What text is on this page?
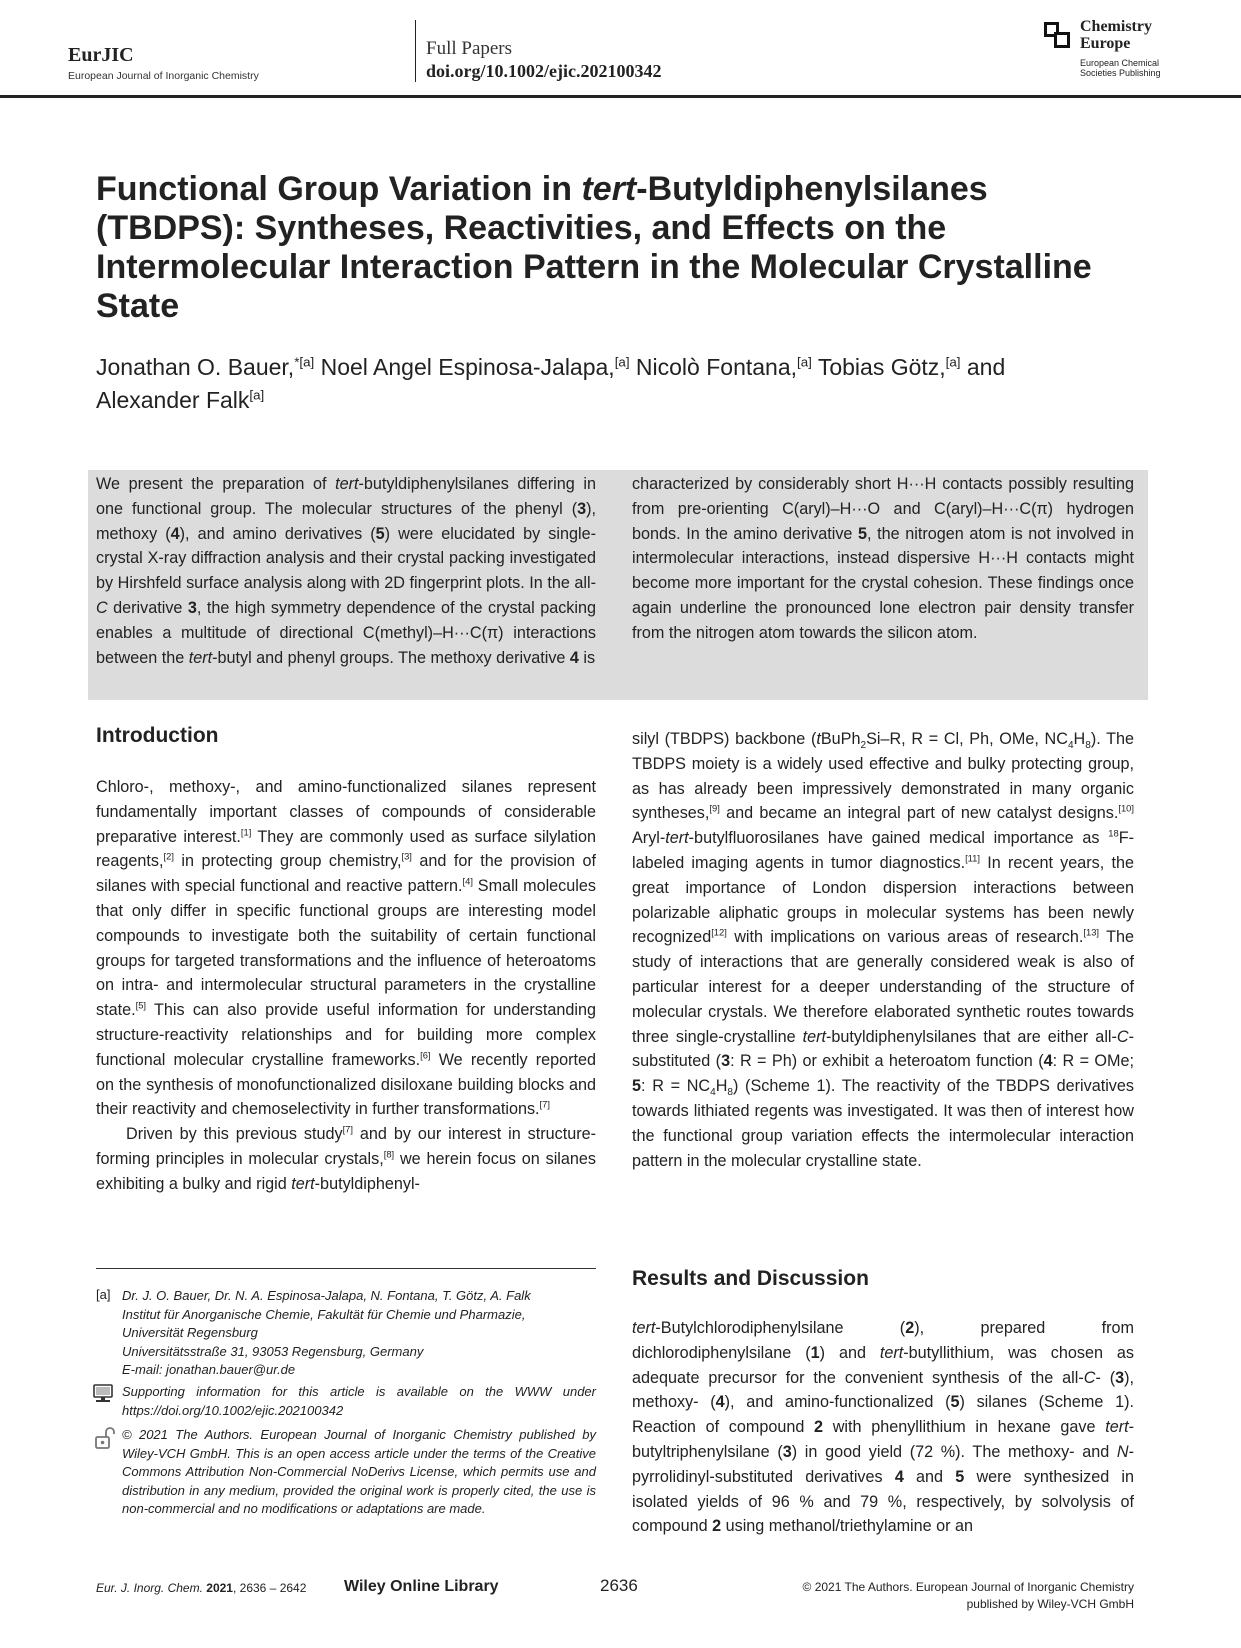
EurJIC
European Journal of Inorganic Chemistry
Full Papers
doi.org/10.1002/ejic.202100342
Chemistry
Europe
European Chemical
Societies Publishing
Functional Group Variation in tert-Butyldiphenylsilanes (TBDPS): Syntheses, Reactivities, and Effects on the Intermolecular Interaction Pattern in the Molecular Crystalline State
Jonathan O. Bauer,$^{*[a]}$ Noel Angel Espinosa-Jalapa,[a] Nicolò Fontana,[a] Tobias Götz,[a] and
Alexander Falk[a]
We present the preparation of tert-butyldiphenylsilanes differing in one functional group. The molecular structures of the phenyl (3), methoxy (4), and amino derivatives (5) were elucidated by single-crystal X-ray diffraction analysis and their crystal packing investigated by Hirshfeld surface analysis along with 2D fingerprint plots. In the all-C derivative 3, the high symmetry dependence of the crystal packing enables a multitude of directional C(methyl)–H···C(π) interactions between the tert-butyl and phenyl groups. The methoxy derivative 4 is
characterized by considerably short H···H contacts possibly resulting from pre-orienting C(aryl)–H···O and C(aryl)–H···C(π) hydrogen bonds. In the amino derivative 5, the nitrogen atom is not involved in intermolecular interactions, instead dispersive H···H contacts might become more important for the crystal cohesion. These findings once again underline the pronounced lone electron pair density transfer from the nitrogen atom towards the silicon atom.
Introduction

Chloro-, methoxy-, and amino-functionalized silanes represent fundamentally important classes of compounds of considerable preparative interest.[1] They are commonly used as surface silylation reagents,[2] in protecting group chemistry,[3] and for the provision of silanes with special functional and reactive pattern.[4] Small molecules that only differ in specific functional groups are interesting model compounds to investigate both the suitability of certain functional groups for targeted transformations and the influence of heteroatoms on intra- and intermolecular structural parameters in the crystalline state.[5] This can also provide useful information for understanding structure-reactivity relationships and for building more complex functional molecular crystalline frameworks.[6] We recently reported on the synthesis of monofunctionalized disiloxane building blocks and their reactivity and chemoselectivity in further transformations.[7]

Driven by this previous study[7] and by our interest in structure-forming principles in molecular crystals,[8] we herein focus on silanes exhibiting a bulky and rigid tert-butyldiphenyl-

silyl (TBDPS) backbone (tBuPh$_2$Si–R, R = Cl, Ph, OMe, $NC_4H_8$). The TBDPS moiety is a widely used effective and bulky protecting group, as has already been impressively demonstrated in many organic syntheses,[9] and became an integral part of new catalyst designs.[10] Aryl-tert-butylfluorosilanes have gained medical importance as $^{18}$F-labeled imaging agents in tumor diagnostics.[11] In recent years, the great importance of London dispersion interactions between polarizable aliphatic groups in molecular systems has been newly recognized[12] with implications on various areas of research.[13] The study of interactions that are generally considered weak is also of particular interest for a deeper understanding of the structure of molecular crystals. We therefore elaborated synthetic routes towards three single-crystalline tert-butyldiphenylsilanes that are either all-C-substituted (3: R = Ph) or exhibit a heteroatom function (4: R = OMe; 5: $R = NC_4H_8$) (Scheme 1). The reactivity of the TBDPS derivatives towards lithiated regents was investigated. It was then of interest how the functional group variation effects the intermolecular interaction pattern in the molecular crystalline state.

Results and Discussion

tert-Butylchlorodiphenylsilane (2), prepared from dichlorodiphenylsilane (1) and tert-butyllithium, was chosen as adequate precursor for the convenient synthesis of the all-C- (3), methoxy- (4), and amino-functionalized (5) silanes (Scheme 1). Reaction of compound 2 with phenyllithium in hexane gave tert-butyltriphenylsilane (3) in good yield (72 %). The methoxy- and N-pyrrolidinyl-substituted derivatives 4 and 5 were synthesized in isolated yields of 96 % and 79 %, respectively, by solvolysis of compound 2 using methanol/triethylamine or an

[a] Dr. J. O. Bauer, Dr. N. A. Espinosa-Jalapa, N. Fontana, T. Götz, A. Falk
Institut für Anorganische Chemie, Fakultät für Chemie und Pharmazie,
Universität Regensburg
Universitätsstraße 31, 93053 Regensburg, Germany
E-mail: jonathan.bauer@ur.de
Supporting information for this article is available on the WWW under https://doi.org/10.1002/ejic.202100342
© 2021 The Authors. European Journal of Inorganic Chemistry published by Wiley-VCH GmbH. This is an open access article under the terms of the Creative Commons Attribution Non-Commercial NoDerivs License, which permits use and distribution in any medium, provided the original work is properly cited, the use is non-commercial and no modifications or adaptations are made.
Eur. J. Inorg. Chem. 2021, 2636 – 2642 Wiley Online Library	2636	© 2021 The Authors. European Journal of Inorganic Chemistry
published by Wiley-VCH GmbH
